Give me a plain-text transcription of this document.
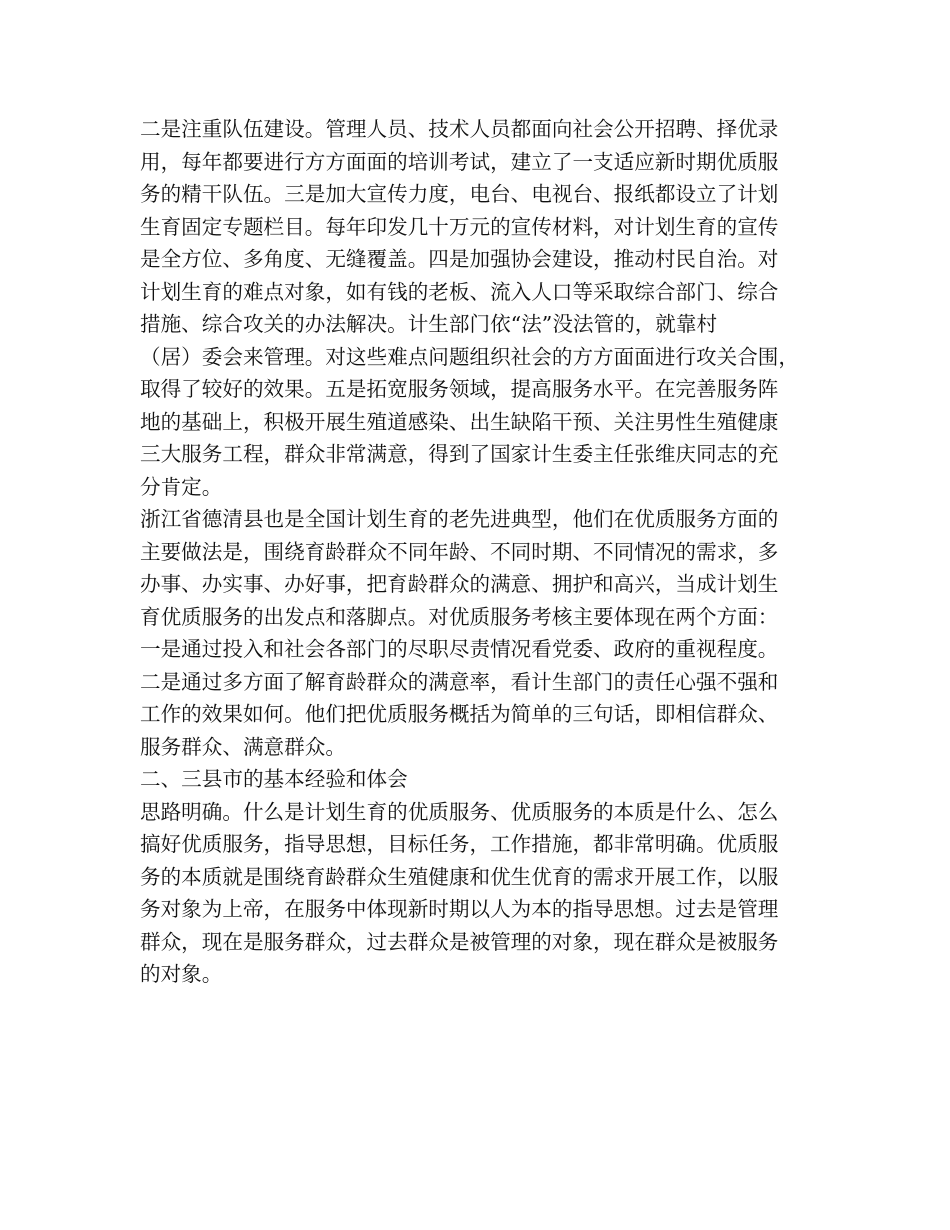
二是注重队伍建设。管理人员、技术人员都面向社会公开招聘、择优录
用，每年都要进行方方面面的培训考试，建立了一支适应新时期优质服
务的精干队伍。三是加大宣传力度，电台、电视台、报纸都设立了计划
生育固定专题栏目。每年印发几十万元的宣传材料，对计划生育的宣传
是全方位、多角度、无缝覆盖。四是加强协会建设，推动村民自治。对
计划生育的难点对象，如有钱的老板、流入人口等采取综合部门、综合
措施、综合攻关的办法解决。计生部门依“法”没法管的，就靠村
（居）委会来管理。对这些难点问题组织社会的方方面面进行攻关合围，
取得了较好的效果。五是拓宽服务领域，提高服务水平。在完善服务阵
地的基础上，积极开展生殖道感染、出生缺陷干预、关注男性生殖健康
三大服务工程，群众非常满意，得到了国家计生委主任张维庆同志的充
分肯定。
浙江省德清县也是全国计划生育的老先进典型，他们在优质服务方面的
主要做法是，围绕育龄群众不同年龄、不同时期、不同情况的需求，多
办事、办实事、办好事，把育龄群众的满意、拥护和高兴，当成计划生
育优质服务的出发点和落脚点。对优质服务考核主要体现在两个方面：
一是通过投入和社会各部门的尽职尽责情况看党委、政府的重视程度。
二是通过多方面了解育龄群众的满意率，看计生部门的责任心强不强和
工作的效果如何。他们把优质服务概括为简单的三句话，即相信群众、
服务群众、满意群众。
二、三县市的基本经验和体会
思路明确。什么是计划生育的优质服务、优质服务的本质是什么、怎么
搞好优质服务，指导思想，目标任务，工作措施，都非常明确。优质服
务的本质就是围绕育龄群众生殖健康和优生优育的需求开展工作，以服
务对象为上帝，在服务中体现新时期以人为本的指导思想。过去是管理
群众，现在是服务群众，过去群众是被管理的对象，现在群众是被服务
的对象。
